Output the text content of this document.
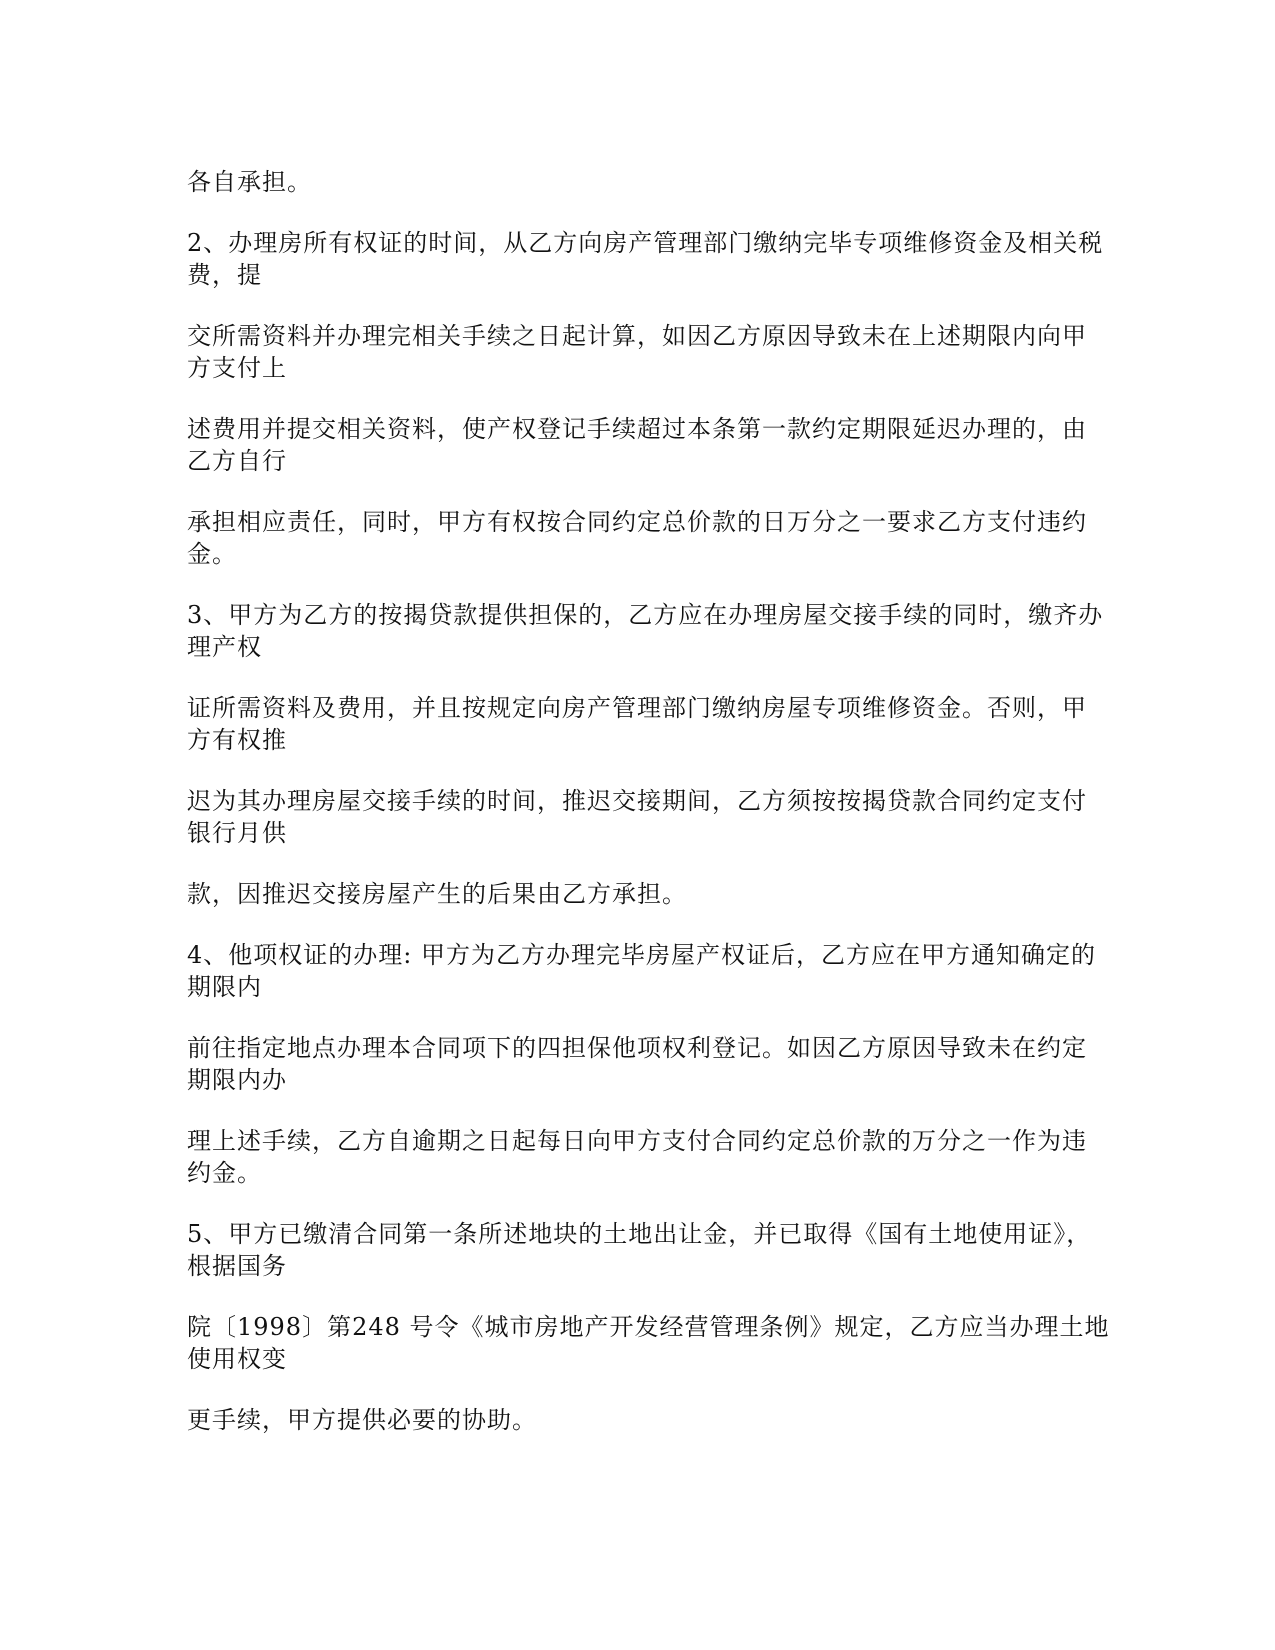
各自承担。

2、办理房所有权证的时间，从乙方向房产管理部门缴纳完毕专项维修资金及相关税
费，提

交所需资料并办理完相关手续之日起计算，如因乙方原因导致未在上述期限内向甲
方支付上

述费用并提交相关资料，使产权登记手续超过本条第一款约定期限延迟办理的，由
乙方自行

承担相应责任，同时，甲方有权按合同约定总价款的日万分之一要求乙方支付违约
金。

3、甲方为乙方的按揭贷款提供担保的，乙方应在办理房屋交接手续的同时，缴齐办
理产权

证所需资料及费用，并且按规定向房产管理部门缴纳房屋专项维修资金。否则，甲
方有权推

迟为其办理房屋交接手续的时间，推迟交接期间，乙方须按按揭贷款合同约定支付
银行月供

款，因推迟交接房屋产生的后果由乙方承担。

4、他项权证的办理: 甲方为乙方办理完毕房屋产权证后，乙方应在甲方通知确定的
期限内

前往指定地点办理本合同项下的四担保他项权利登记。如因乙方原因导致未在约定
期限内办

理上述手续，乙方自逾期之日起每日向甲方支付合同约定总价款的万分之一作为违
约金。

5、甲方已缴清合同第一条所述地块的土地出让金，并已取得《国有土地使用证》，
根据国务

院〔1998〕第248 号令《城市房地产开发经营管理条例》规定，乙方应当办理土地
使用权变

更手续，甲方提供必要的协助。
